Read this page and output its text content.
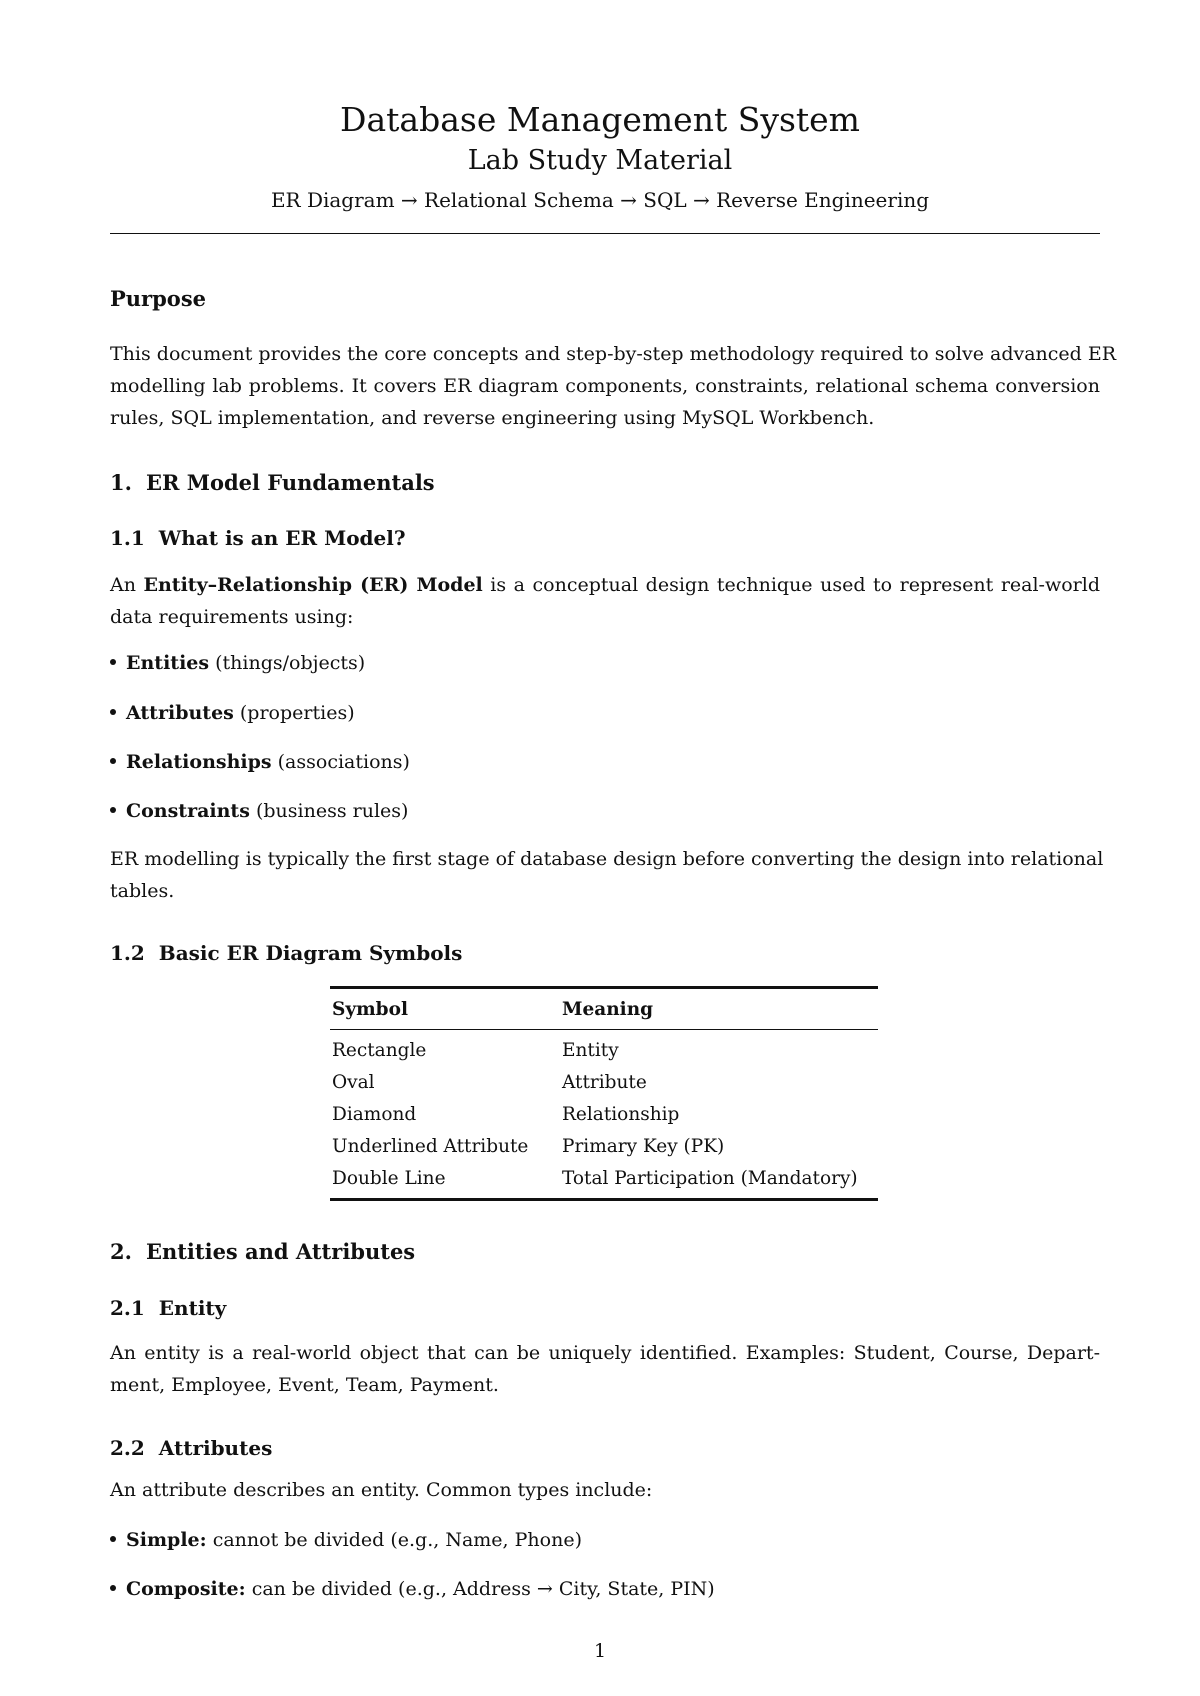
Database Management System
Lab Study Material
ER Diagram → Relational Schema → SQL → Reverse Engineering
Purpose
This document provides the core concepts and step-by-step methodology required to solve advanced ER
modelling lab problems. It covers ER diagram components, constraints, relational schema conversion
rules, SQL implementation, and reverse engineering using MySQL Workbench.
1. ER Model Fundamentals
1.1 What is an ER Model?
An Entity–Relationship (ER) Model is a conceptual design technique used to represent real-world
data requirements using:
Entities (things/objects)
Attributes (properties)
Relationships (associations)
Constraints (business rules)
ER modelling is typically the first stage of database design before converting the design into relational
tables.
1.2 Basic ER Diagram Symbols
Symbol	Meaning
Rectangle	Entity
Oval	Attribute
Diamond	Relationship
Underlined Attribute	Primary Key (PK)
Double Line	Total Participation (Mandatory)
2. Entities and Attributes
2.1 Entity
An entity is a real-world object that can be uniquely identified. Examples: Student, Course, Depart-
ment, Employee, Event, Team, Payment.
2.2 Attributes
An attribute describes an entity. Common types include:
Simple: cannot be divided (e.g., Name, Phone)
Composite: can be divided (e.g., Address → City, State, PIN)
1
